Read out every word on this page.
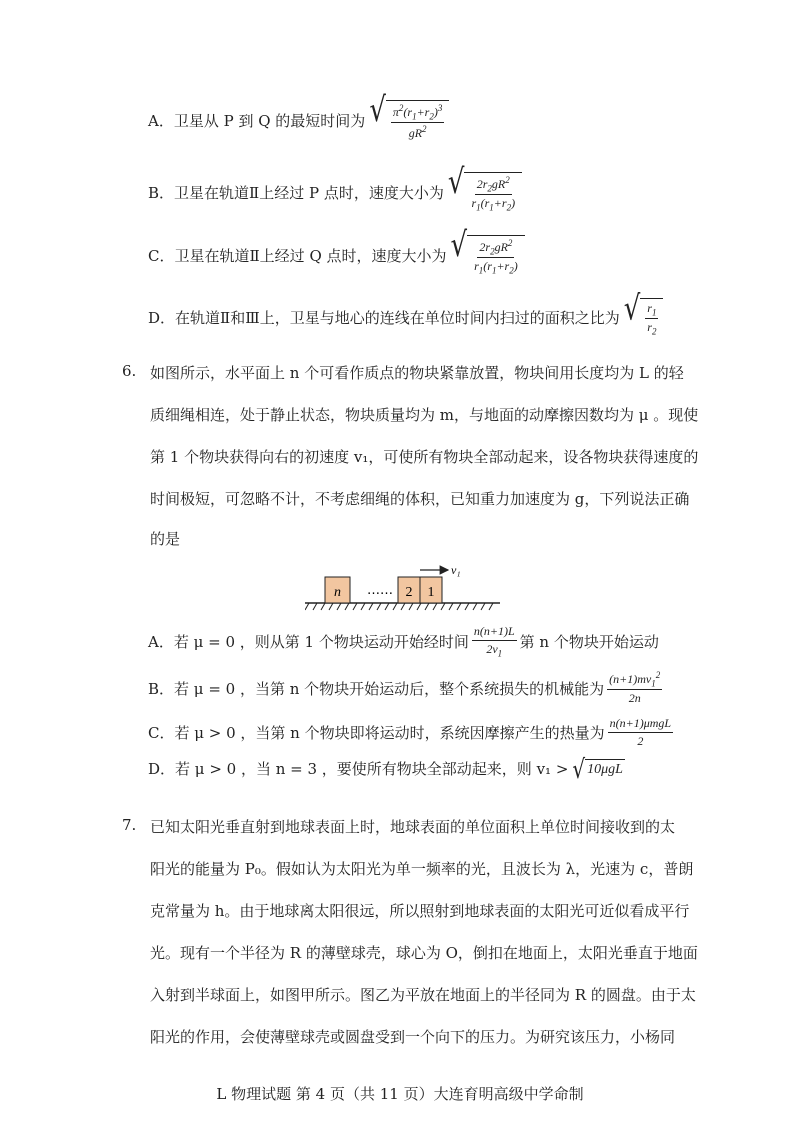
A． 卫星从 P 到 Q 的最短时间为 √ $\frac{\pi^2(r_1+r_2)^3}{gR^2}$
B． 卫星在轨道Ⅱ上经过 P 点时，速度大小为 √ $\frac{2r_2gR^2}{r_1(r_1+r_2)}$
C． 卫星在轨道Ⅱ上经过 Q 点时，速度大小为 √ $\frac{2r_2gR^2}{r_1(r_1+r_2)}$
D． 在轨道Ⅱ和Ⅲ上，卫星与地心的连线在单位时间内扫过的面积之比为 √ $\frac{r_1}{r_2}$
6. 如图所示，水平面上 n 个可看作质点的物块紧靠放置，物块间用长度均为 L 的轻
质细绳相连，处于静止状态，物块质量均为 m，与地面的动摩擦因数均为 μ 。现使
第 1 个物块获得向右的初速度 v₁，可使所有物块全部动起来，设各物块获得速度的
时间极短，可忽略不计，不考虑细绳的体积，已知重力加速度为 g，下列说法正确
的是
n …… 2 1
v₁
A． 若 μ = 0 ，则从第 1 个物块运动开始经时间 $\frac{n(n+1)L}{2v_1}$ 第 n 个物块开始运动
B． 若 μ = 0 ，当第 n 个物块开始运动后，整个系统损失的机械能为 $\frac{(n+1)mv_1^2}{2n}$
C． 若 μ > 0 ，当第 n 个物块即将运动时，系统因摩擦产生的热量为 $\frac{\text{n(n+1)μmgL}}{2}$
D． 若 μ > 0 ，当 n = 3 ，要使所有物块全部动起来，则 v₁ > √ 10μgL
7. 已知太阳光垂直射到地球表面上时，地球表面的单位面积上单位时间接收到的太
阳光的能量为 P₀。假如认为太阳光为单一频率的光，且波长为 λ，光速为 c，普朗
克常量为 h。由于地球离太阳很远，所以照射到地球表面的太阳光可近似看成平行
光。现有一个半径为 R 的薄壁球壳，球心为 O，倒扣在地面上，太阳光垂直于地面
入射到半球面上，如图甲所示。图乙为平放在地面上的半径同为 R 的圆盘。由于太
阳光的作用，会使薄壁球壳或圆盘受到一个向下的压力。为研究该压力，小杨同
L 物理试题 第 4 页（共 11 页）大连育明高级中学命制
